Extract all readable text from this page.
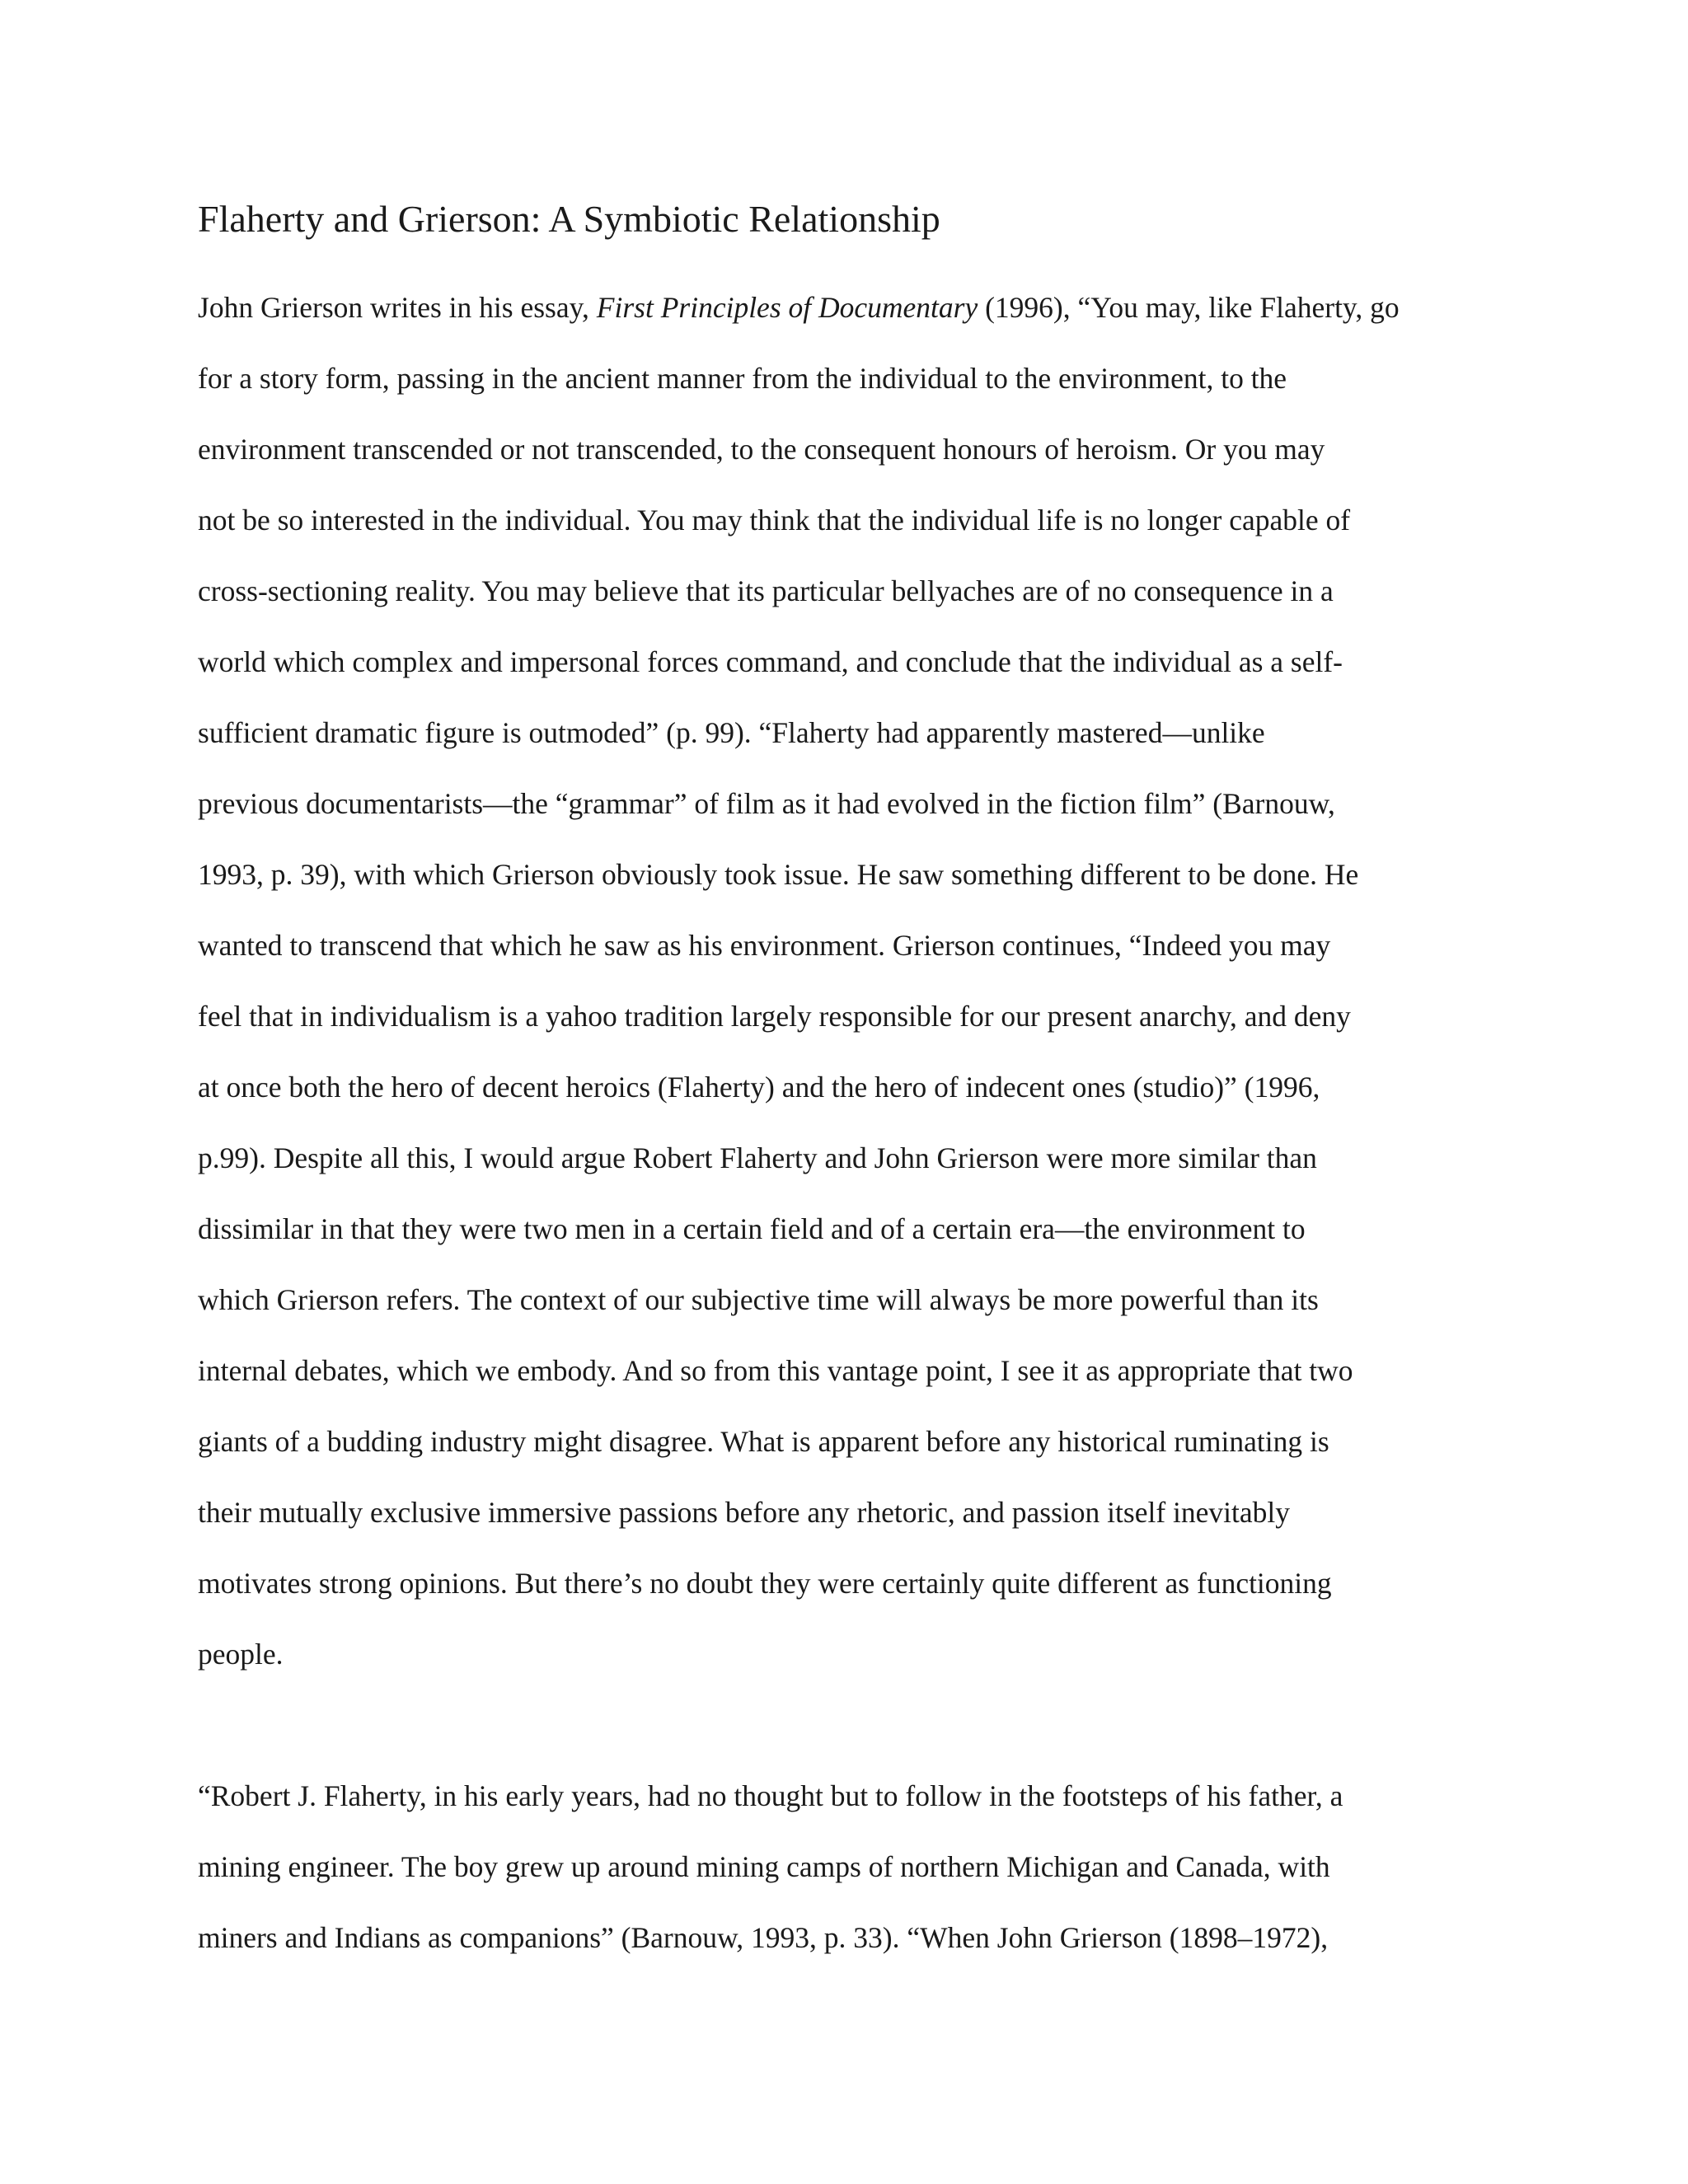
Flaherty and Grierson: A Symbiotic Relationship
John Grierson writes in his essay, First Principles of Documentary (1996), “You may, like Flaherty, go
for a story form, passing in the ancient manner from the individual to the environment, to the
environment transcended or not transcended, to the consequent honours of heroism. Or you may
not be so interested in the individual. You may think that the individual life is no longer capable of
cross-sectioning reality. You may believe that its particular bellyaches are of no consequence in a
world which complex and impersonal forces command, and conclude that the individual as a self-
sufficient dramatic figure is outmoded” (p. 99). “Flaherty had apparently mastered—unlike
previous documentarists—the “grammar” of film as it had evolved in the fiction film” (Barnouw,
1993, p. 39), with which Grierson obviously took issue. He saw something different to be done. He
wanted to transcend that which he saw as his environment. Grierson continues, “Indeed you may
feel that in individualism is a yahoo tradition largely responsible for our present anarchy, and deny
at once both the hero of decent heroics (Flaherty) and the hero of indecent ones (studio)” (1996,
p.99). Despite all this, I would argue Robert Flaherty and John Grierson were more similar than
dissimilar in that they were two men in a certain field and of a certain era—the environment to
which Grierson refers. The context of our subjective time will always be more powerful than its
internal debates, which we embody. And so from this vantage point, I see it as appropriate that two
giants of a budding industry might disagree. What is apparent before any historical ruminating is
their mutually exclusive immersive passions before any rhetoric, and passion itself inevitably
motivates strong opinions. But there’s no doubt they were certainly quite different as functioning
people.
“Robert J. Flaherty, in his early years, had no thought but to follow in the footsteps of his father, a
mining engineer. The boy grew up around mining camps of northern Michigan and Canada, with
miners and Indians as companions” (Barnouw, 1993, p. 33). “When John Grierson (1898–1972),
